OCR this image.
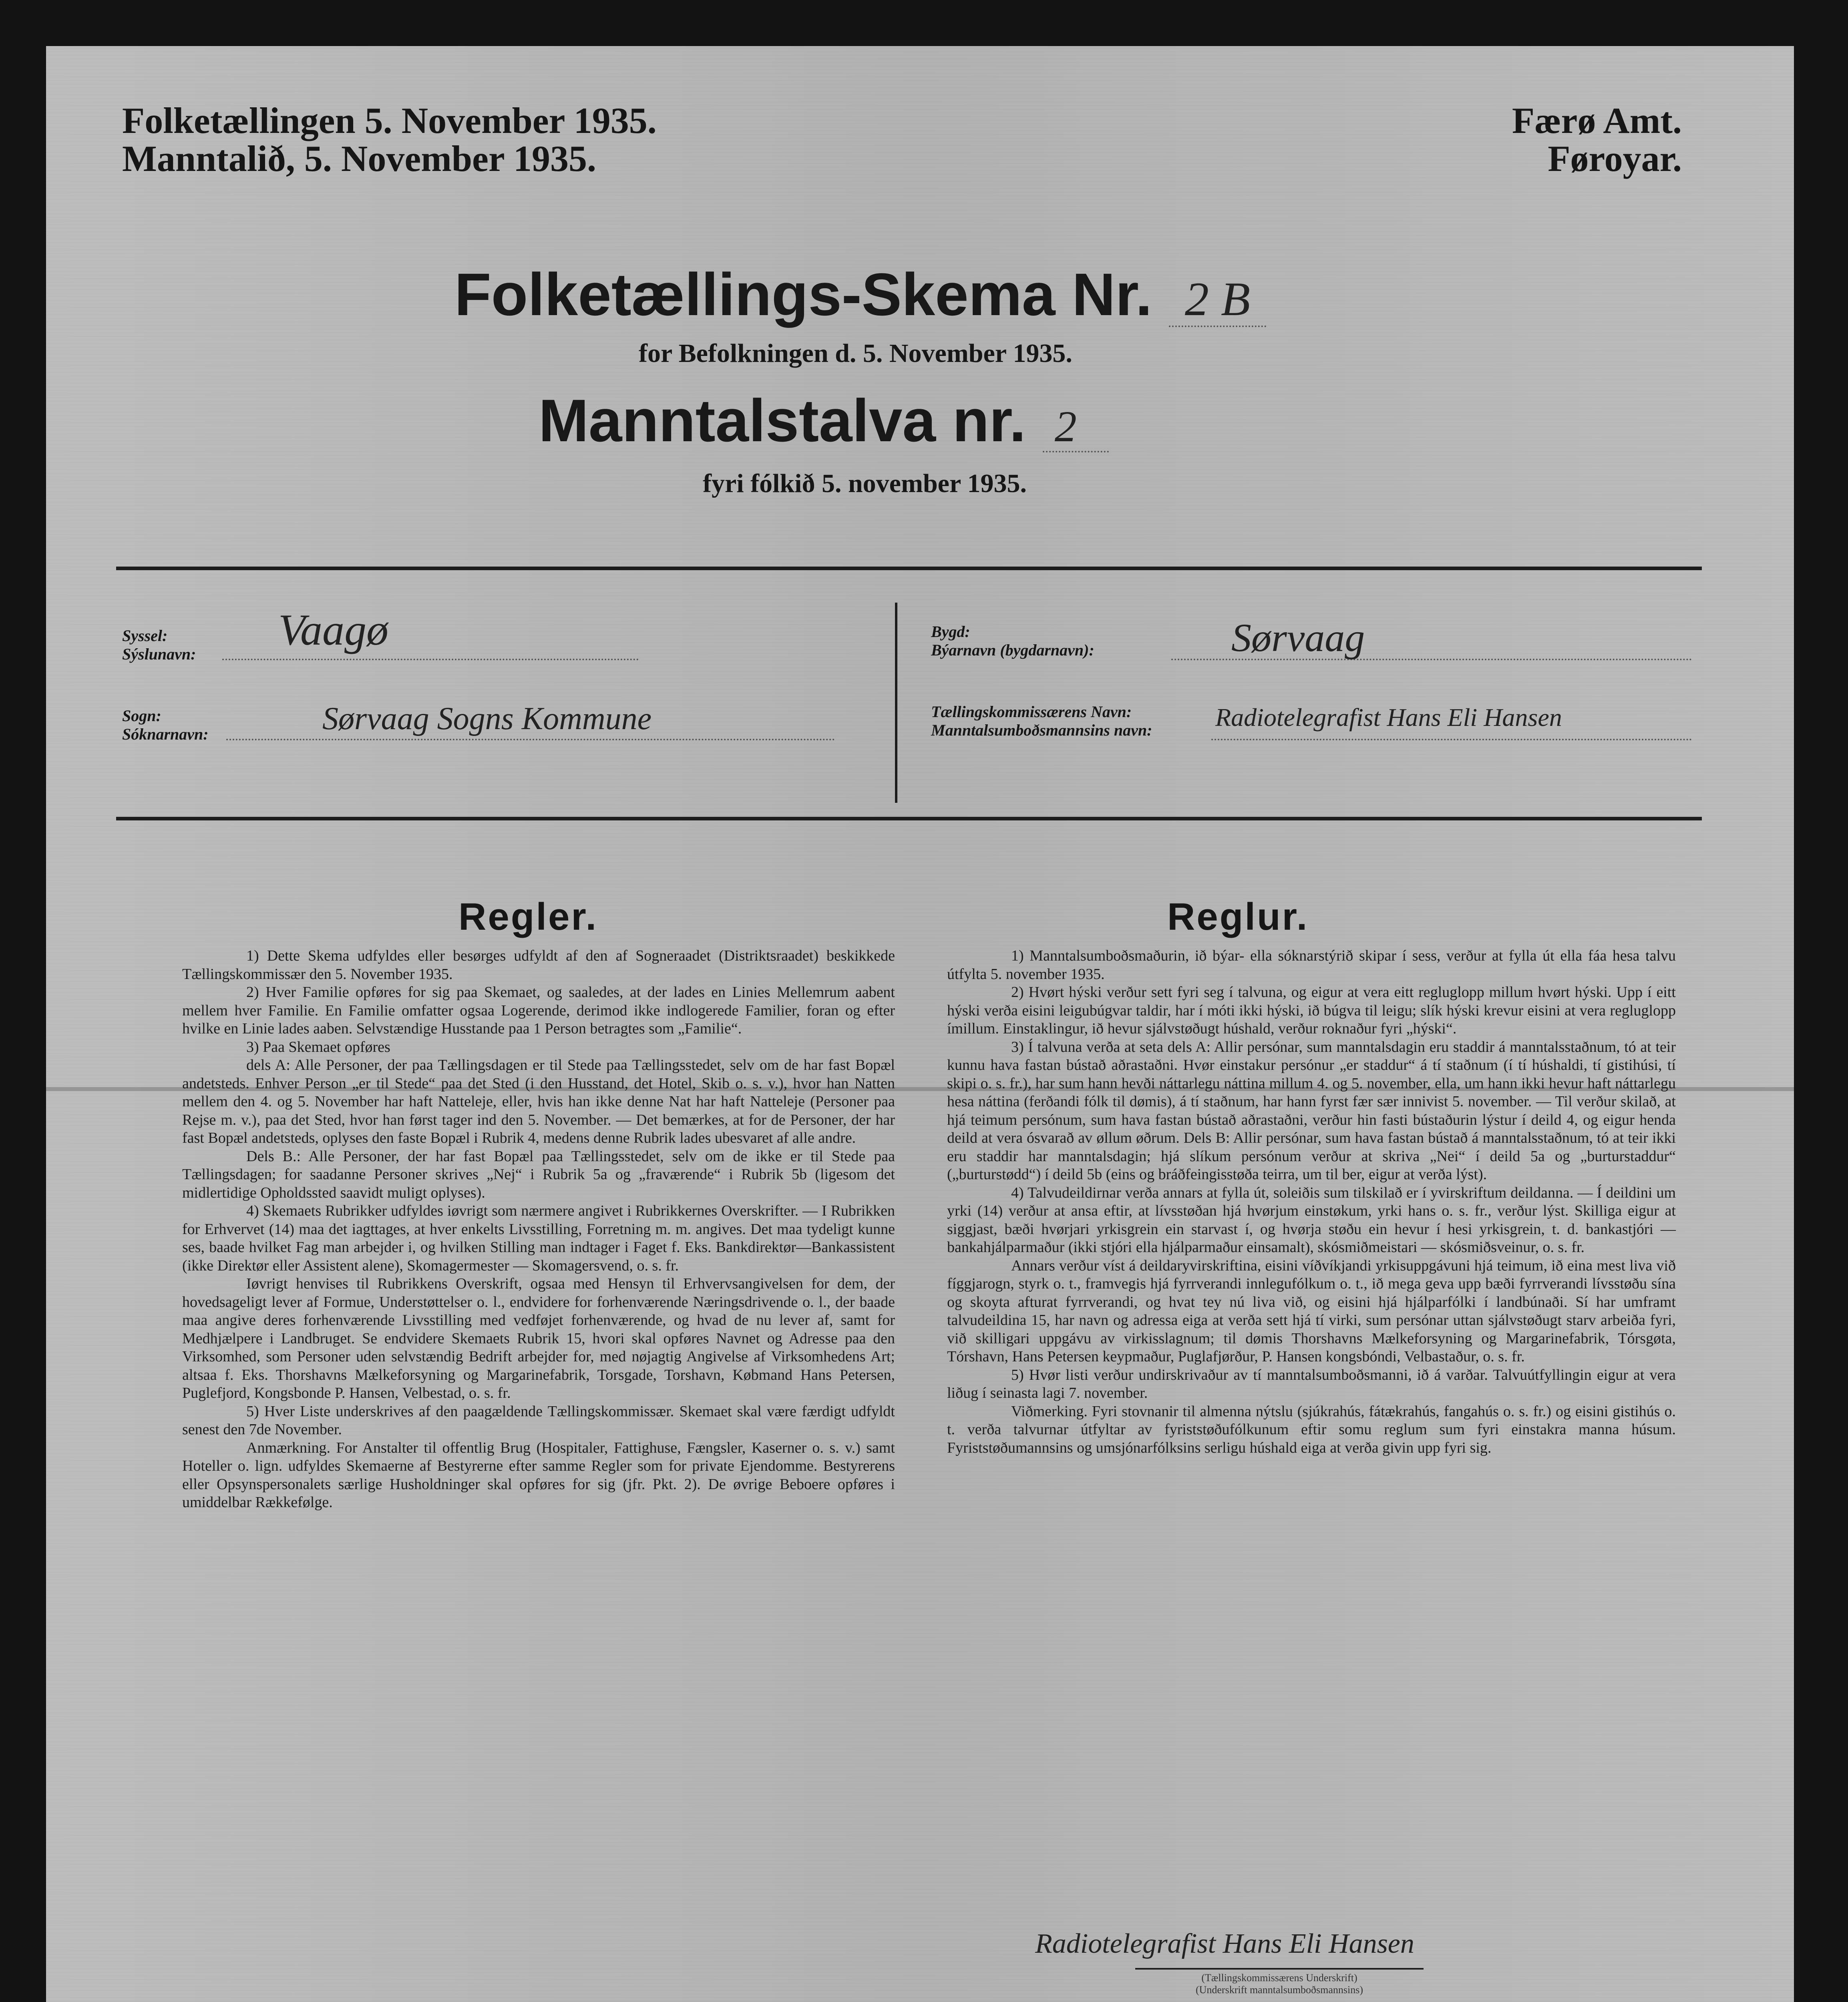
Folketællingen 5. November 1935.
Manntalið, 5. November 1935.
Færø Amt.
Føroyar.
Folketællings-Skema Nr. 2 B
for Befolkningen d. 5. November 1935.
Manntalstalva nr. 2
fyri fólkið 5. november 1935.
Syssel:
Sýslunavn: Vaagø
Sogn:
Sóknarnavn:	Sørvaag Sogns Kommune
Bygd:
Býarnavn (bygdarnavn):	Sørvaag
Tællingskommissærens Navn:
Manntalsumboðsmannsins navn: Radiotelegrafist Hans Eli Hansen
Regler.

1) Dette Skema udfyldes eller besørges udfyldt af den af Sogneraadet (Distriktsraadet) beskikkede Tællingskommissær den 5. November 1935.

2) Hver Familie opføres for sig paa Skemaet, og saaledes, at der lades en Linies Mellemrum aabent mellem hver Familie. En Familie omfatter ogsaa Logerende, derimod ikke indlogerede Familier, foran og efter hvilke en Linie lades aaben. Selvstændige Husstande paa 1 Person betragtes som „Familie“.

3) Paa Skemaet opføres

dels A: Alle Personer, der paa Tællingsdagen er til Stede paa Tællingsstedet, selv om de har fast Bopæl andetsteds. Enhver Person „er til Stede“ paa det Sted (i den Husstand, det Hotel, Skib o. s. v.), hvor han Natten mellem den 4. og 5. November har haft Natteleje, eller, hvis han ikke denne Nat har haft Natteleje (Personer paa Rejse m. v.), paa det Sted, hvor han først tager ind den 5. November. — Det bemærkes, at for de Personer, der har fast Bopæl andetsteds, oplyses den faste Bopæl i Rubrik 4, medens denne Rubrik lades ubesvaret af alle andre.

Dels B.: Alle Personer, der har fast Bopæl paa Tællingsstedet, selv om de ikke er til Stede paa Tællingsdagen; for saadanne Personer skrives „Nej“ i Rubrik 5a og „fraværende“ i Rubrik 5b (ligesom det midlertidige Opholdssted saavidt muligt oplyses).

4) Skemaets Rubrikker udfyldes iøvrigt som nærmere angivet i Rubrikkernes Overskrifter. — I Rubrikken for Erhvervet (14) maa det iagttages, at hver enkelts Livsstilling, Forretning m. m. angives. Det maa tydeligt kunne ses, baade hvilket Fag man arbejder i, og hvilken Stilling man indtager i Faget f. Eks. Bankdirektør—Bankassistent (ikke Direktør eller Assistent alene), Skomagermester — Skomagersvend, o. s. fr.

Iøvrigt henvises til Rubrikkens Overskrift, ogsaa med Hensyn til Erhvervsangivelsen for dem, der hovedsageligt lever af Formue, Understøttelser o. l., endvidere for forhenværende Næringsdrivende o. l., der baade maa angive deres forhenværende Livsstilling med vedføjet forhenværende, og hvad de nu lever af, samt for Medhjælpere i Landbruget. Se endvidere Skemaets Rubrik 15, hvori skal opføres Navnet og Adresse paa den Virksomhed, som Personer uden selvstændig Bedrift arbejder for, med nøjagtig Angivelse af Virksomhedens Art; altsaa f. Eks. Thorshavns Mælkeforsyning og Margarinefabrik, Torsgade, Torshavn, Købmand Hans Petersen, Puglefjord, Kongsbonde P. Hansen, Velbestad, o. s. fr.

5) Hver Liste underskrives af den paagældende Tællingskommissær. Skemaet skal være færdigt udfyldt senest den 7de November.

Anmærkning. For Anstalter til offentlig Brug (Hospitaler, Fattighuse, Fængsler, Kaserner o. s. v.) samt Hoteller o. lign. udfyldes Skemaerne af Bestyrerne efter samme Regler som for private Ejendomme. Bestyrerens eller Opsynspersonalets særlige Husholdninger skal opføres for sig (jfr. Pkt. 2). De øvrige Beboere opføres i umiddelbar Rækkefølge.

Reglur.

1) Manntalsumboðsmaðurin, ið býar- ella sóknarstýrið skipar í sess, verður at fylla út ella fáa hesa talvu útfylta 5. november 1935.

2) Hvørt hýski verður sett fyri seg í talvuna, og eigur at vera eitt regluglopp millum hvørt hýski. Upp í eitt hýski verða eisini leigubúgvar taldir, har í móti ikki hýski, ið búgva til leigu; slík hýski krevur eisini at vera regluglopp ímillum. Einstaklingur, ið hevur sjálvstøðugt húshald, verður roknaður fyri „hýski“.

3) Í talvuna verða at seta dels A: Allir persónar, sum manntalsdagin eru staddir á manntalsstaðnum, tó at teir kunnu hava fastan bústað aðrastaðni. Hvør einstakur persónur „er staddur“ á tí staðnum (í tí húshaldi, tí gistihúsi, tí skipi o. s. fr.), har sum hann hevði náttarlegu náttina millum 4. og 5. november, ella, um hann ikki hevur haft náttarlegu hesa náttina (ferðandi fólk til dømis), á tí staðnum, har hann fyrst fær sær innivist 5. november. — Til verður skilað, at hjá teimum persónum, sum hava fastan bústað aðrastaðni, verður hin fasti bústaðurin lýstur í deild 4, og eigur henda deild at vera ósvarað av øllum øðrum. Dels B: Allir persónar, sum hava fastan bústað á manntalsstaðnum, tó at teir ikki eru staddir har manntalsdagin; hjá slíkum persónum verður at skriva „Nei“ í deild 5a og „burturstaddur“ („burturstødd“) í deild 5b (eins og bráðfeingisstøða teirra, um til ber, eigur at verða lýst).

4) Talvudeildirnar verða annars at fylla út, soleiðis sum tilskilað er í yvirskriftum deildanna. — Í deildini um yrki (14) verður at ansa eftir, at lívsstøðan hjá hvørjum einstøkum, yrki hans o. s. fr., verður lýst. Skilliga eigur at siggjast, bæði hvørjari yrkisgrein ein starvast í, og hvørja støðu ein hevur í hesi yrkisgrein, t. d. bankastjóri — bankahjálparmaður (ikki stjóri ella hjálparmaður einsamalt), skósmiðmeistari — skósmiðsveinur, o. s. fr.

Annars verður víst á deildaryvirskriftina, eisini víðvíkjandi yrkisuppgávuni hjá teimum, ið eina mest liva við fíggjarogn, styrk o. t., framvegis hjá fyrrverandi innlegufólkum o. t., ið mega geva upp bæði fyrrverandi lívsstøðu sína og skoyta afturat fyrrverandi, og hvat tey nú liva við, og eisini hjá hjálparfólki í landbúnaði. Sí har umframt talvudeildina 15, har navn og adressa eiga at verða sett hjá tí virki, sum persónar uttan sjálvstøðugt starv arbeiða fyri, við skilligari uppgávu av virkisslagnum; til dømis Thorshavns Mælkeforsyning og Margarinefabrik, Tórsgøta, Tórshavn, Hans Petersen keypmaður, Puglafjørður, P. Hansen kongsbóndi, Velbastaður, o. s. fr.

5) Hvør listi verður undirskrivaður av tí manntalsumboðsmanni, ið á varðar. Talvuútfyllingin eigur at vera liðug í seinasta lagi 7. november.

Viðmerking. Fyri stovnanir til almenna nýtslu (sjúkrahús, fátækrahús, fangahús o. s. fr.) og eisini gistihús o. t. verða talvurnar útfyltar av fyriststøðufólkunum eftir somu reglum sum fyri einstakra manna húsum. Fyriststøðumannsins og umsjónarfólksins serligu húshald eiga at verða givin upp fyri sig.

Radiotelegrafist Hans Eli Hansen
(Tællingskommissærens Underskrift)
(Underskrift manntalsumboðsmannsins)
